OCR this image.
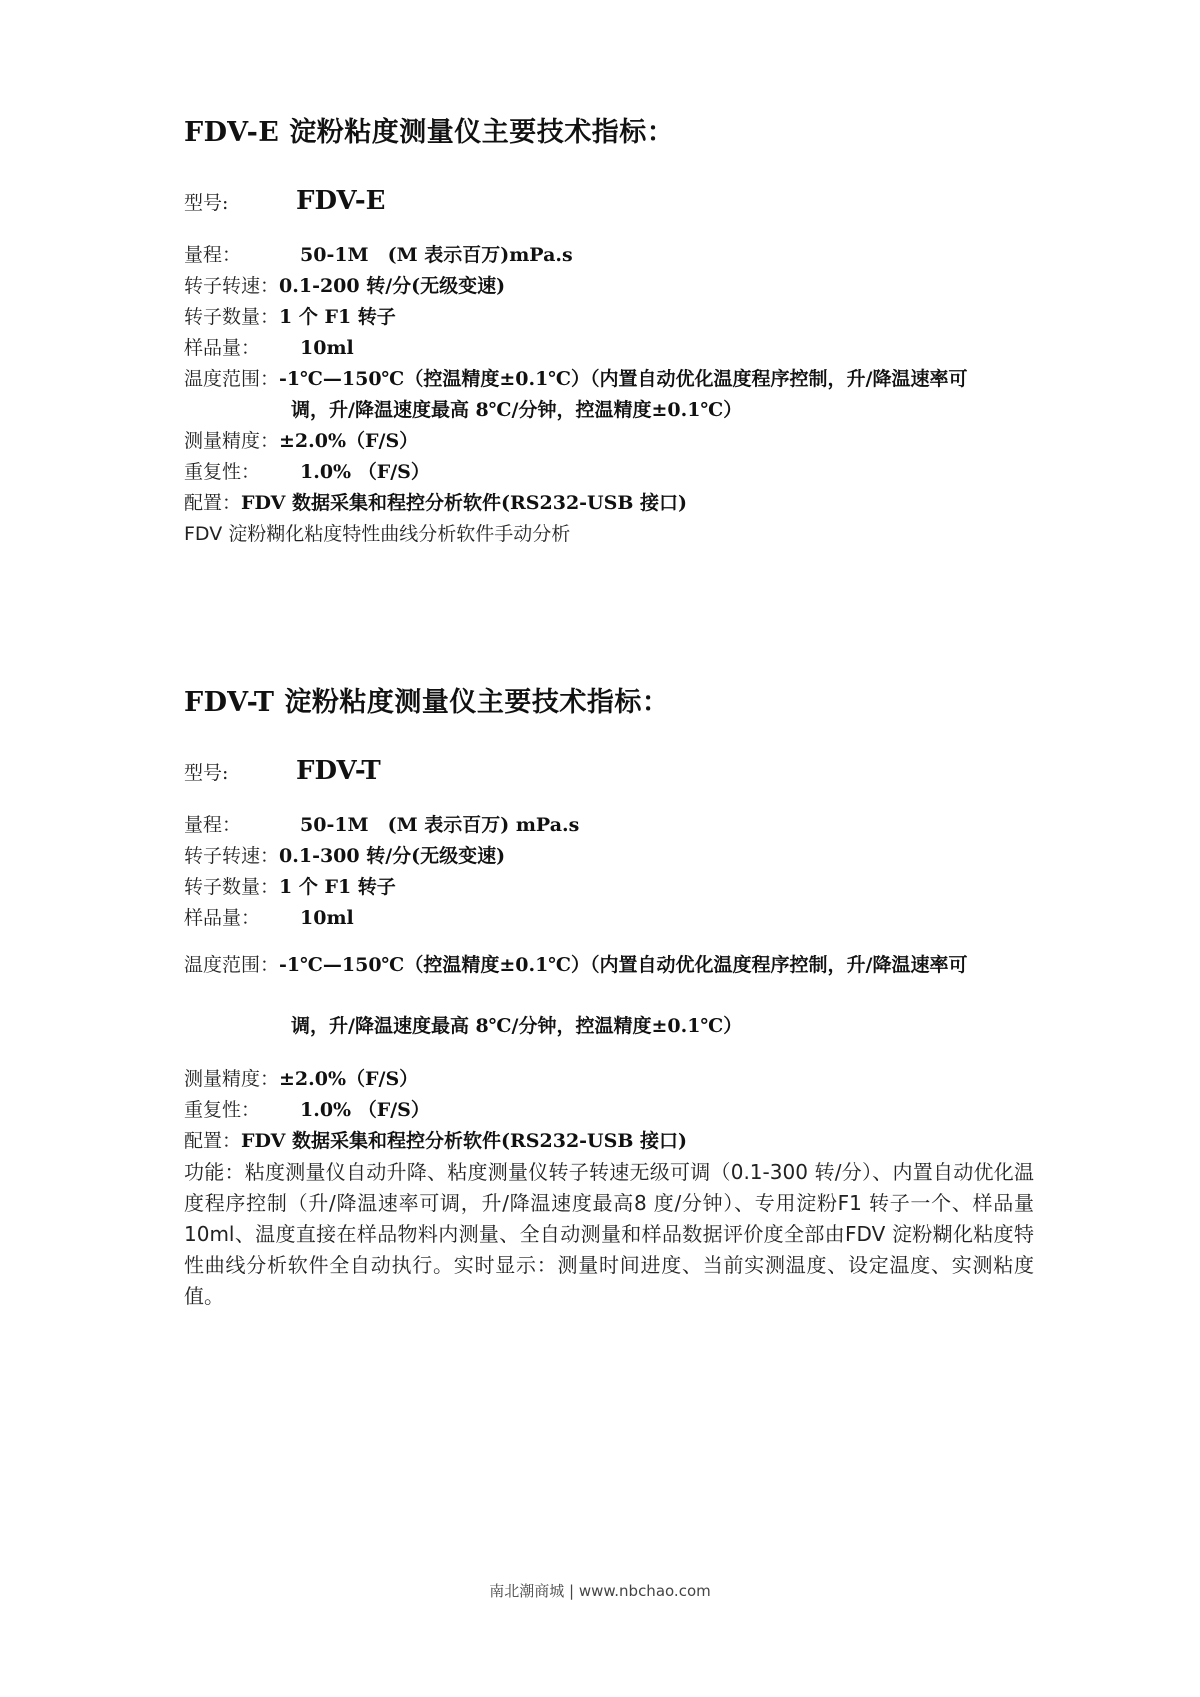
FDV-E 淀粉粘度测量仪主要技术指标：
型号:	FDV-E
量程：	50-1M　(M 表示百万)mPa.s
转子转速： 0.1-200 转/分(无级变速)
转子数量： 1 个 F1 转子
样品量：	10ml
温度范围： -1℃—150℃（控温精度±0.1℃）（内置自动优化温度程序控制，升/降温速率可
调，升/降温速度最高 8℃/分钟，控温精度±0.1℃）
测量精度： ±2.0%（F/S）
重复性：	1.0% （F/S）
配置： FDV 数据采集和程控分析软件(RS232-USB 接口)
FDV 淀粉糊化粘度特性曲线分析软件手动分析
FDV-T 淀粉粘度测量仪主要技术指标：
型号:	FDV-T
量程：	50-1M　(M 表示百万) mPa.s
转子转速： 0.1-300 转/分(无级变速)
转子数量： 1 个 F1 转子
样品量：	10ml
温度范围： -1℃—150℃（控温精度±0.1℃）（内置自动优化温度程序控制，升/降温速率可
调，升/降温速度最高 8℃/分钟，控温精度±0.1℃）
测量精度： ±2.0%（F/S）
重复性：	1.0% （F/S）
配置： FDV 数据采集和程控分析软件(RS232-USB 接口)
功能：粘度测量仪自动升降、粘度测量仪转子转速无级可调（0.1-300 转/分）、内置自动优化温度程序控制（升/降温速率可调，升/降温速度最高8 度/分钟）、专用淀粉F1 转子一个、样品量10ml、温度直接在样品物料内测量、全自动测量和样品数据评价度全部由FDV 淀粉糊化粘度特性曲线分析软件全自动执行。实时显示：测量时间进度、当前实测温度、设定温度、实测粘度值。
南北潮商城 | www.nbchao.com
